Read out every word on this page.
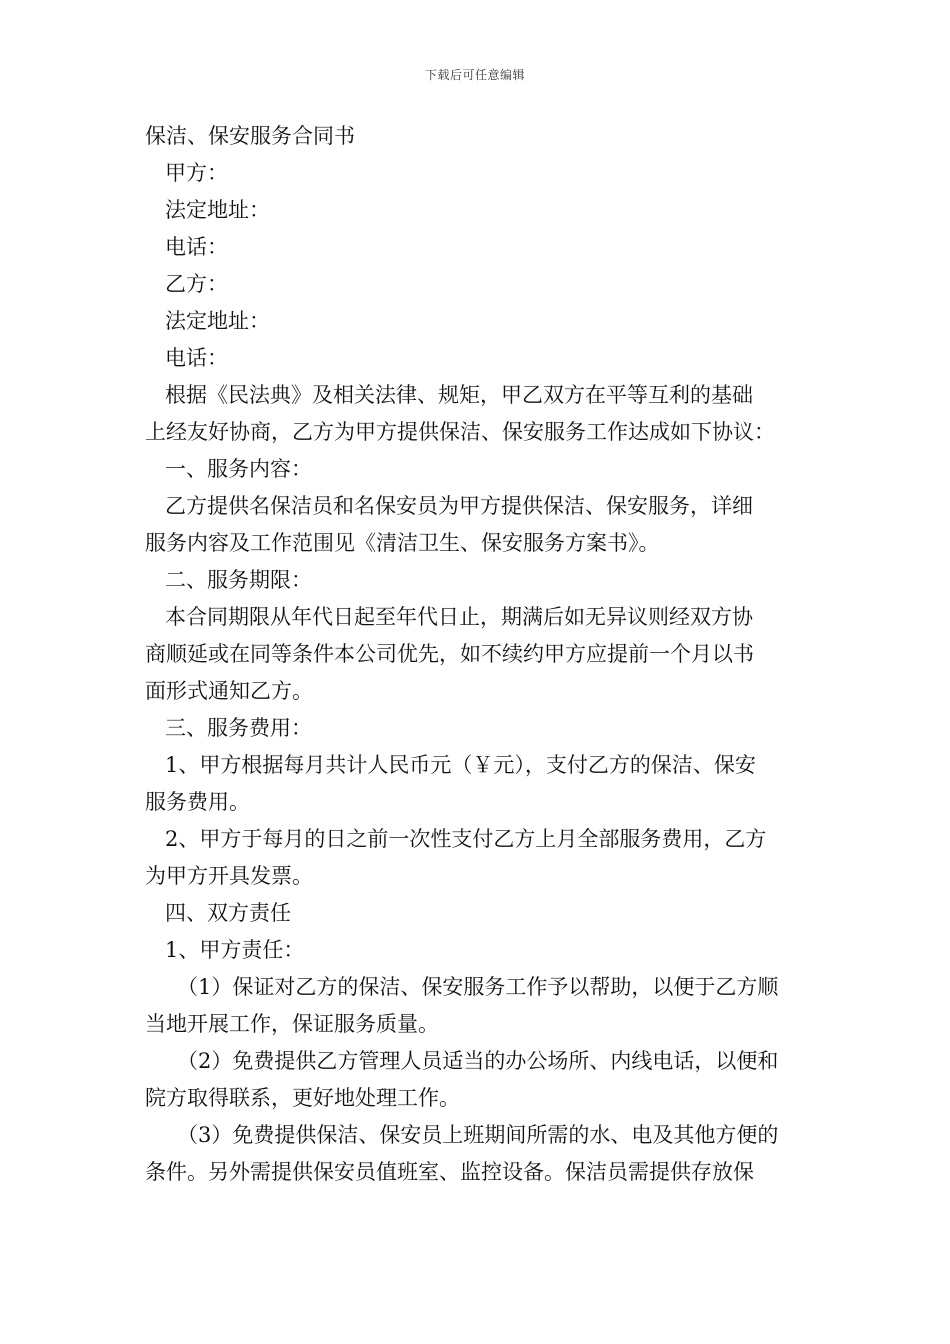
下载后可任意编辑
保洁、保安服务合同书
甲方：
法定地址：
电话：
乙方：
法定地址：
电话：
根据《民法典》及相关法律、规矩，甲乙双方在平等互利的基础
上经友好协商，乙方为甲方提供保洁、保安服务工作达成如下协议：
一、服务内容：
乙方提供名保洁员和名保安员为甲方提供保洁、保安服务，详细
服务内容及工作范围见《清洁卫生、保安服务方案书》。
二、服务期限：
本合同期限从年代日起至年代日止，期满后如无异议则经双方协
商顺延或在同等条件本公司优先，如不续约甲方应提前一个月以书
面形式通知乙方。
三、服务费用：
1、甲方根据每月共计人民币元（￥元），支付乙方的保洁、保安
服务费用。
2、甲方于每月的日之前一次性支付乙方上月全部服务费用，乙方
为甲方开具发票。
四、双方责任
1、甲方责任：
（1）保证对乙方的保洁、保安服务工作予以帮助，以便于乙方顺
当地开展工作，保证服务质量。
（2）免费提供乙方管理人员适当的办公场所、内线电话，以便和
院方取得联系，更好地处理工作。
（3）免费提供保洁、保安员上班期间所需的水、电及其他方便的
条件。另外需提供保安员值班室、监控设备。保洁员需提供存放保
